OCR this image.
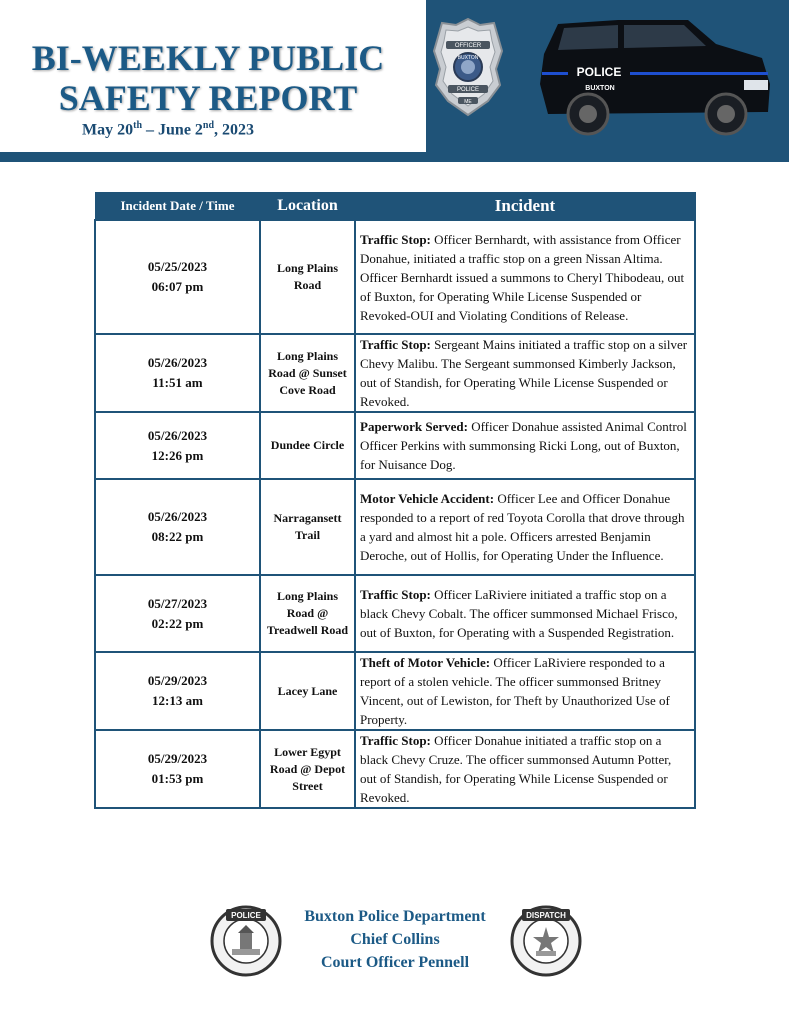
BI-WEEKLY PUBLIC
SAFETY REPORT
May 20th – June 2nd, 2023
OFFICER
BUXTON
POLICE
ME
POLICE
BUXTON
Incident Date / Time	Location	Incident

05/25/2023
06:07 pm	Long Plains Road	Traffic Stop: Officer Bernhardt, with assistance from Officer Donahue, initiated a traffic stop on a green Nissan Altima. Officer Bernhardt issued a summons to Cheryl Thibodeau, out of Buxton, for Operating While License Suspended or Revoked-OUI and Violating Conditions of Release.

05/26/2023
11:51 am	Long Plains Road @ Sunset Cove Road	Traffic Stop: Sergeant Mains initiated a traffic stop on a silver Chevy Malibu. The Sergeant summonsed Kimberly Jackson, out of Standish, for Operating While License Suspended or Revoked.

05/26/2023
12:26 pm	Dundee Circle	Paperwork Served: Officer Donahue assisted Animal Control Officer Perkins with summonsing Ricki Long, out of Buxton, for Nuisance Dog.

05/26/2023
08:22 pm	Narragansett Trail	Motor Vehicle Accident: Officer Lee and Officer Donahue responded to a report of red Toyota Corolla that drove through a yard and almost hit a pole. Officers arrested Benjamin Deroche, out of Hollis, for Operating Under the Influence.

05/27/2023
02:22 pm	Long Plains Road @ Treadwell Road	Traffic Stop: Officer LaRiviere initiated a traffic stop on a black Chevy Cobalt. The officer summonsed Michael Frisco, out of Buxton, for Operating with a Suspended Registration.

05/29/2023
12:13 am	Lacey Lane	Theft of Motor Vehicle: Officer LaRiviere responded to a report of a stolen vehicle. The officer summonsed Britney Vincent, out of Lewiston, for Theft by Unauthorized Use of Property.

05/29/2023
01:53 pm	Lower Egypt Road @ Depot Street	Traffic Stop: Officer Donahue initiated a traffic stop on a black Chevy Cruze. The officer summonsed Autumn Potter, out of Standish, for Operating While License Suspended or Revoked.
POLICE	Buxton Police Department
Chief Collins
Court Officer Pennell
DISPATCH
